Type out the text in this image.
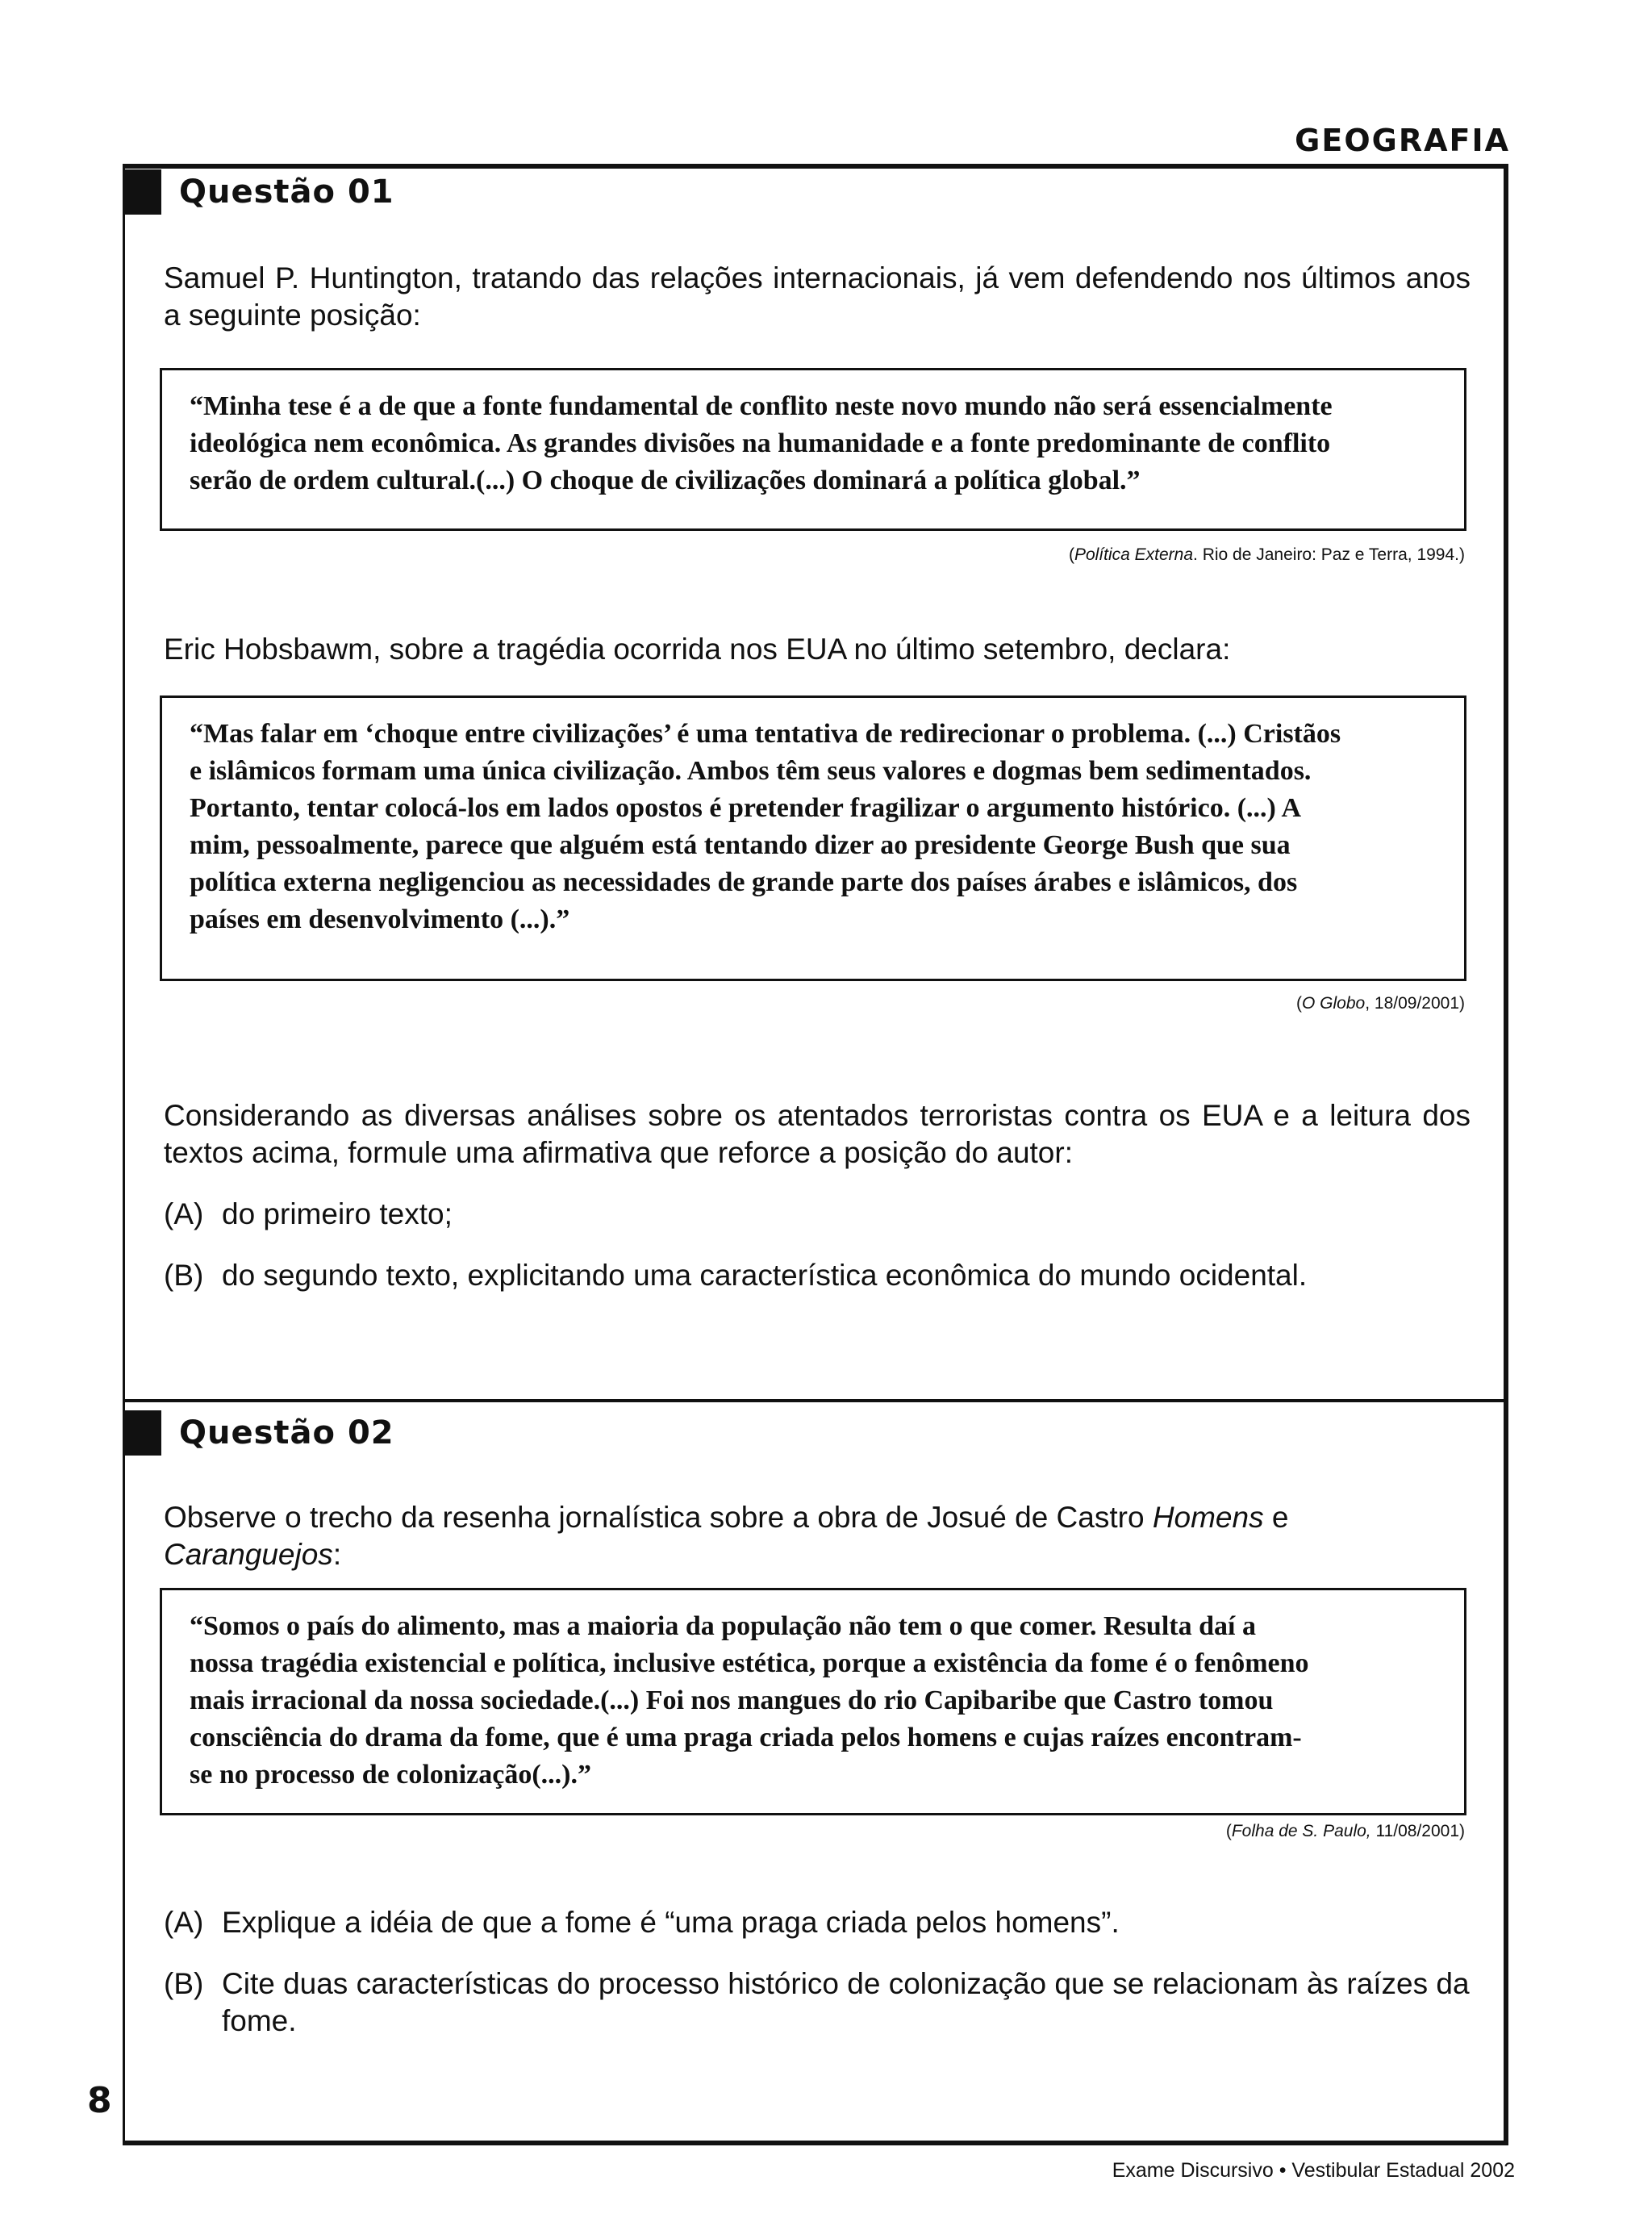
GEOGRAFIA
Questão 01

Samuel P. Huntington, tratando das relações internacionais, já vem defendendo nos últimos anos a seguinte posição:

“Minha tese é a de que a fonte fundamental de conflito neste novo mundo não será essencialmente
ideológica nem econômica. As grandes divisões na humanidade e a fonte predominante de conflito
serão de ordem cultural.(...) O choque de civilizações dominará a política global.”
(Política Externa. Rio de Janeiro: Paz e Terra, 1994.)

Eric Hobsbawm, sobre a tragédia ocorrida nos EUA no último setembro, declara:

“Mas falar em ‘choque entre civilizações’ é uma tentativa de redirecionar o problema. (...) Cristãos
e islâmicos formam uma única civilização. Ambos têm seus valores e dogmas bem sedimentados.
Portanto, tentar colocá-los em lados opostos é pretender fragilizar o argumento histórico. (...) A
mim, pessoalmente, parece que alguém está tentando dizer ao presidente George Bush que sua
política externa negligenciou as necessidades de grande parte dos países árabes e islâmicos, dos
países em desenvolvimento (...).”
(O Globo, 18/09/2001)

Considerando as diversas análises sobre os atentados terroristas contra os EUA e a leitura dos textos acima, formule uma afirmativa que reforce a posição do autor:

(A) do primeiro texto;
(B) do segundo texto, explicitando uma característica econômica do mundo ocidental.
Questão 02

Observe o trecho da resenha jornalística sobre a obra de Josué de Castro Homens e Caranguejos:

“Somos o país do alimento, mas a maioria da população não tem o que comer. Resulta daí a
nossa tragédia existencial e política, inclusive estética, porque a existência da fome é o fenômeno
mais irracional da nossa sociedade.(...) Foi nos mangues do rio Capibaribe que Castro tomou
consciência do drama da fome, que é uma praga criada pelos homens e cujas raízes encontram-
se no processo de colonização(...).”
(Folha de S. Paulo, 11/08/2001)
(A) Explique a idéia de que a fome é “uma praga criada pelos homens”.
(B) Cite duas características do processo histórico de colonização que se relacionam às raízes da fome.
8
Exame Discursivo • Vestibular Estadual 2002
